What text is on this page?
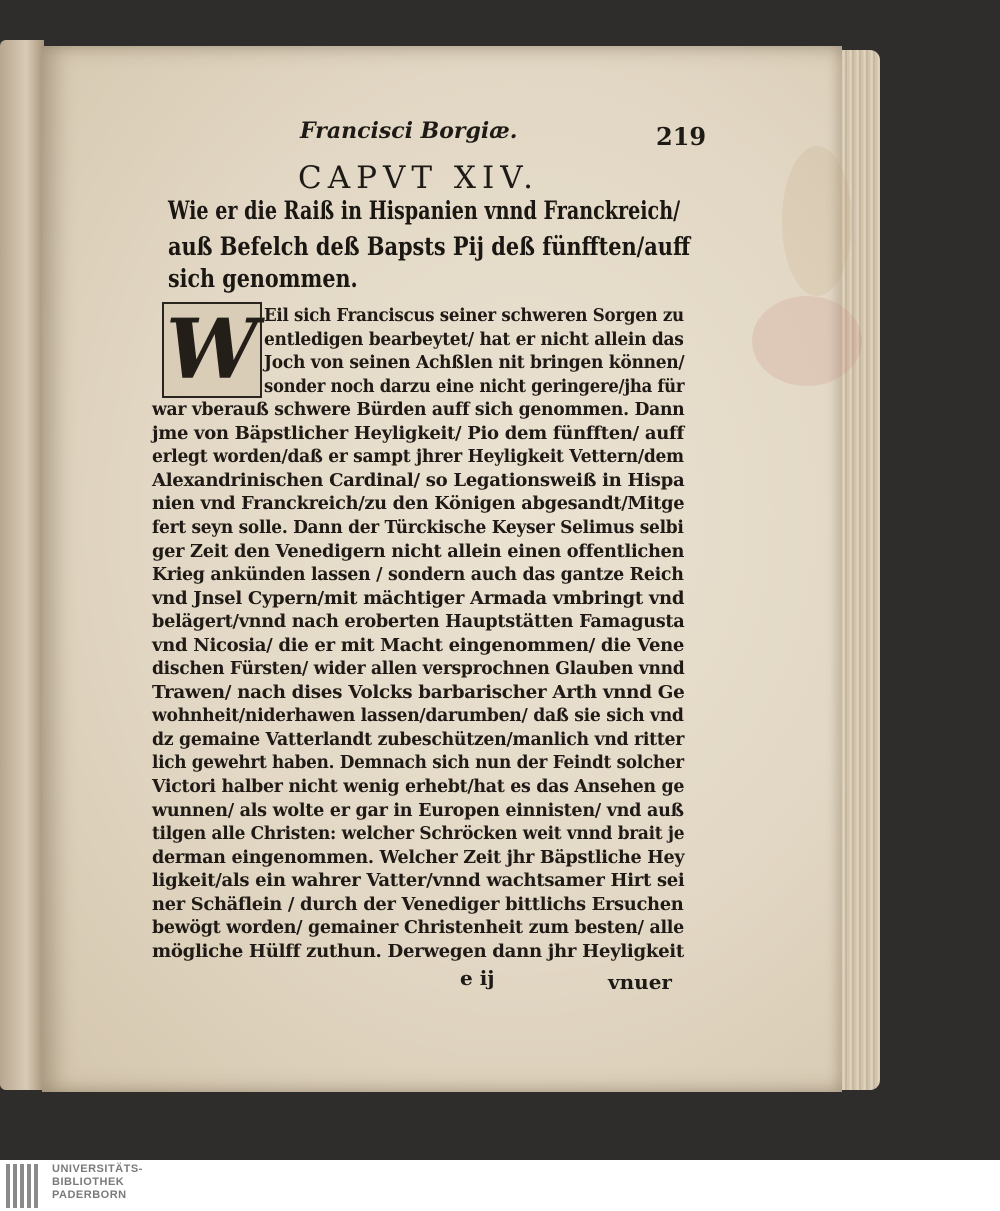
Francisci Borgiæ.	219
CAPVT XIV.
Wie er die Raiß in Hispanien vnnd Franckreich/
auß Befelch deß Bapsts Pij deß fünfften/auff
sich genommen.
W Eil sich Franciscus seiner schweren Sorgen zu
entledigen bearbeytet/ hat er nicht allein das
Joch von seinen Achßlen nit bringen können/
sonder noch darzu eine nicht geringere/jha für
war vberauß schwere Bürden auff sich genommen. Dann
jme von Bäpstlicher Heyligkeit/ Pio dem fünfften/ auff
erlegt worden/daß er sampt jhrer Heyligkeit Vettern/dem
Alexandrinischen Cardinal/ so Legationsweiß in Hispa
nien vnd Franckreich/zu den Königen abgesandt/Mitge
fert seyn solle. Dann der Türckische Keyser Selimus selbi
ger Zeit den Venedigern nicht allein einen offentlichen
Krieg ankünden lassen / sondern auch das gantze Reich
vnd Jnsel Cypern/mit mächtiger Armada vmbringt vnd
belägert/vnnd nach eroberten Hauptstätten Famagusta
vnd Nicosia/ die er mit Macht eingenommen/ die Vene
dischen Fürsten/ wider allen versprochnen Glauben vnnd
Trawen/ nach dises Volcks barbarischer Arth vnnd Ge
wohnheit/niderhawen lassen/darumben/ daß sie sich vnd
dz gemaine Vatterlandt zubeschützen/manlich vnd ritter
lich gewehrt haben. Demnach sich nun der Feindt solcher
Victori halber nicht wenig erhebt/hat es das Ansehen ge
wunnen/ als wolte er gar in Europen einnisten/ vnd auß
tilgen alle Christen: welcher Schröcken weit vnnd brait je
derman eingenommen. Welcher Zeit jhr Bäpstliche Hey
ligkeit/als ein wahrer Vatter/vnnd wachtsamer Hirt sei
ner Schäflein / durch der Venediger bittlichs Ersuchen
bewögt worden/ gemainer Christenheit zum besten/ alle
mögliche Hülff zuthun. Derwegen dann jhr Heyligkeit
e ij	vnuer
UNIVERSITÄTS-
BIBLIOTHEK
PADERBORN
